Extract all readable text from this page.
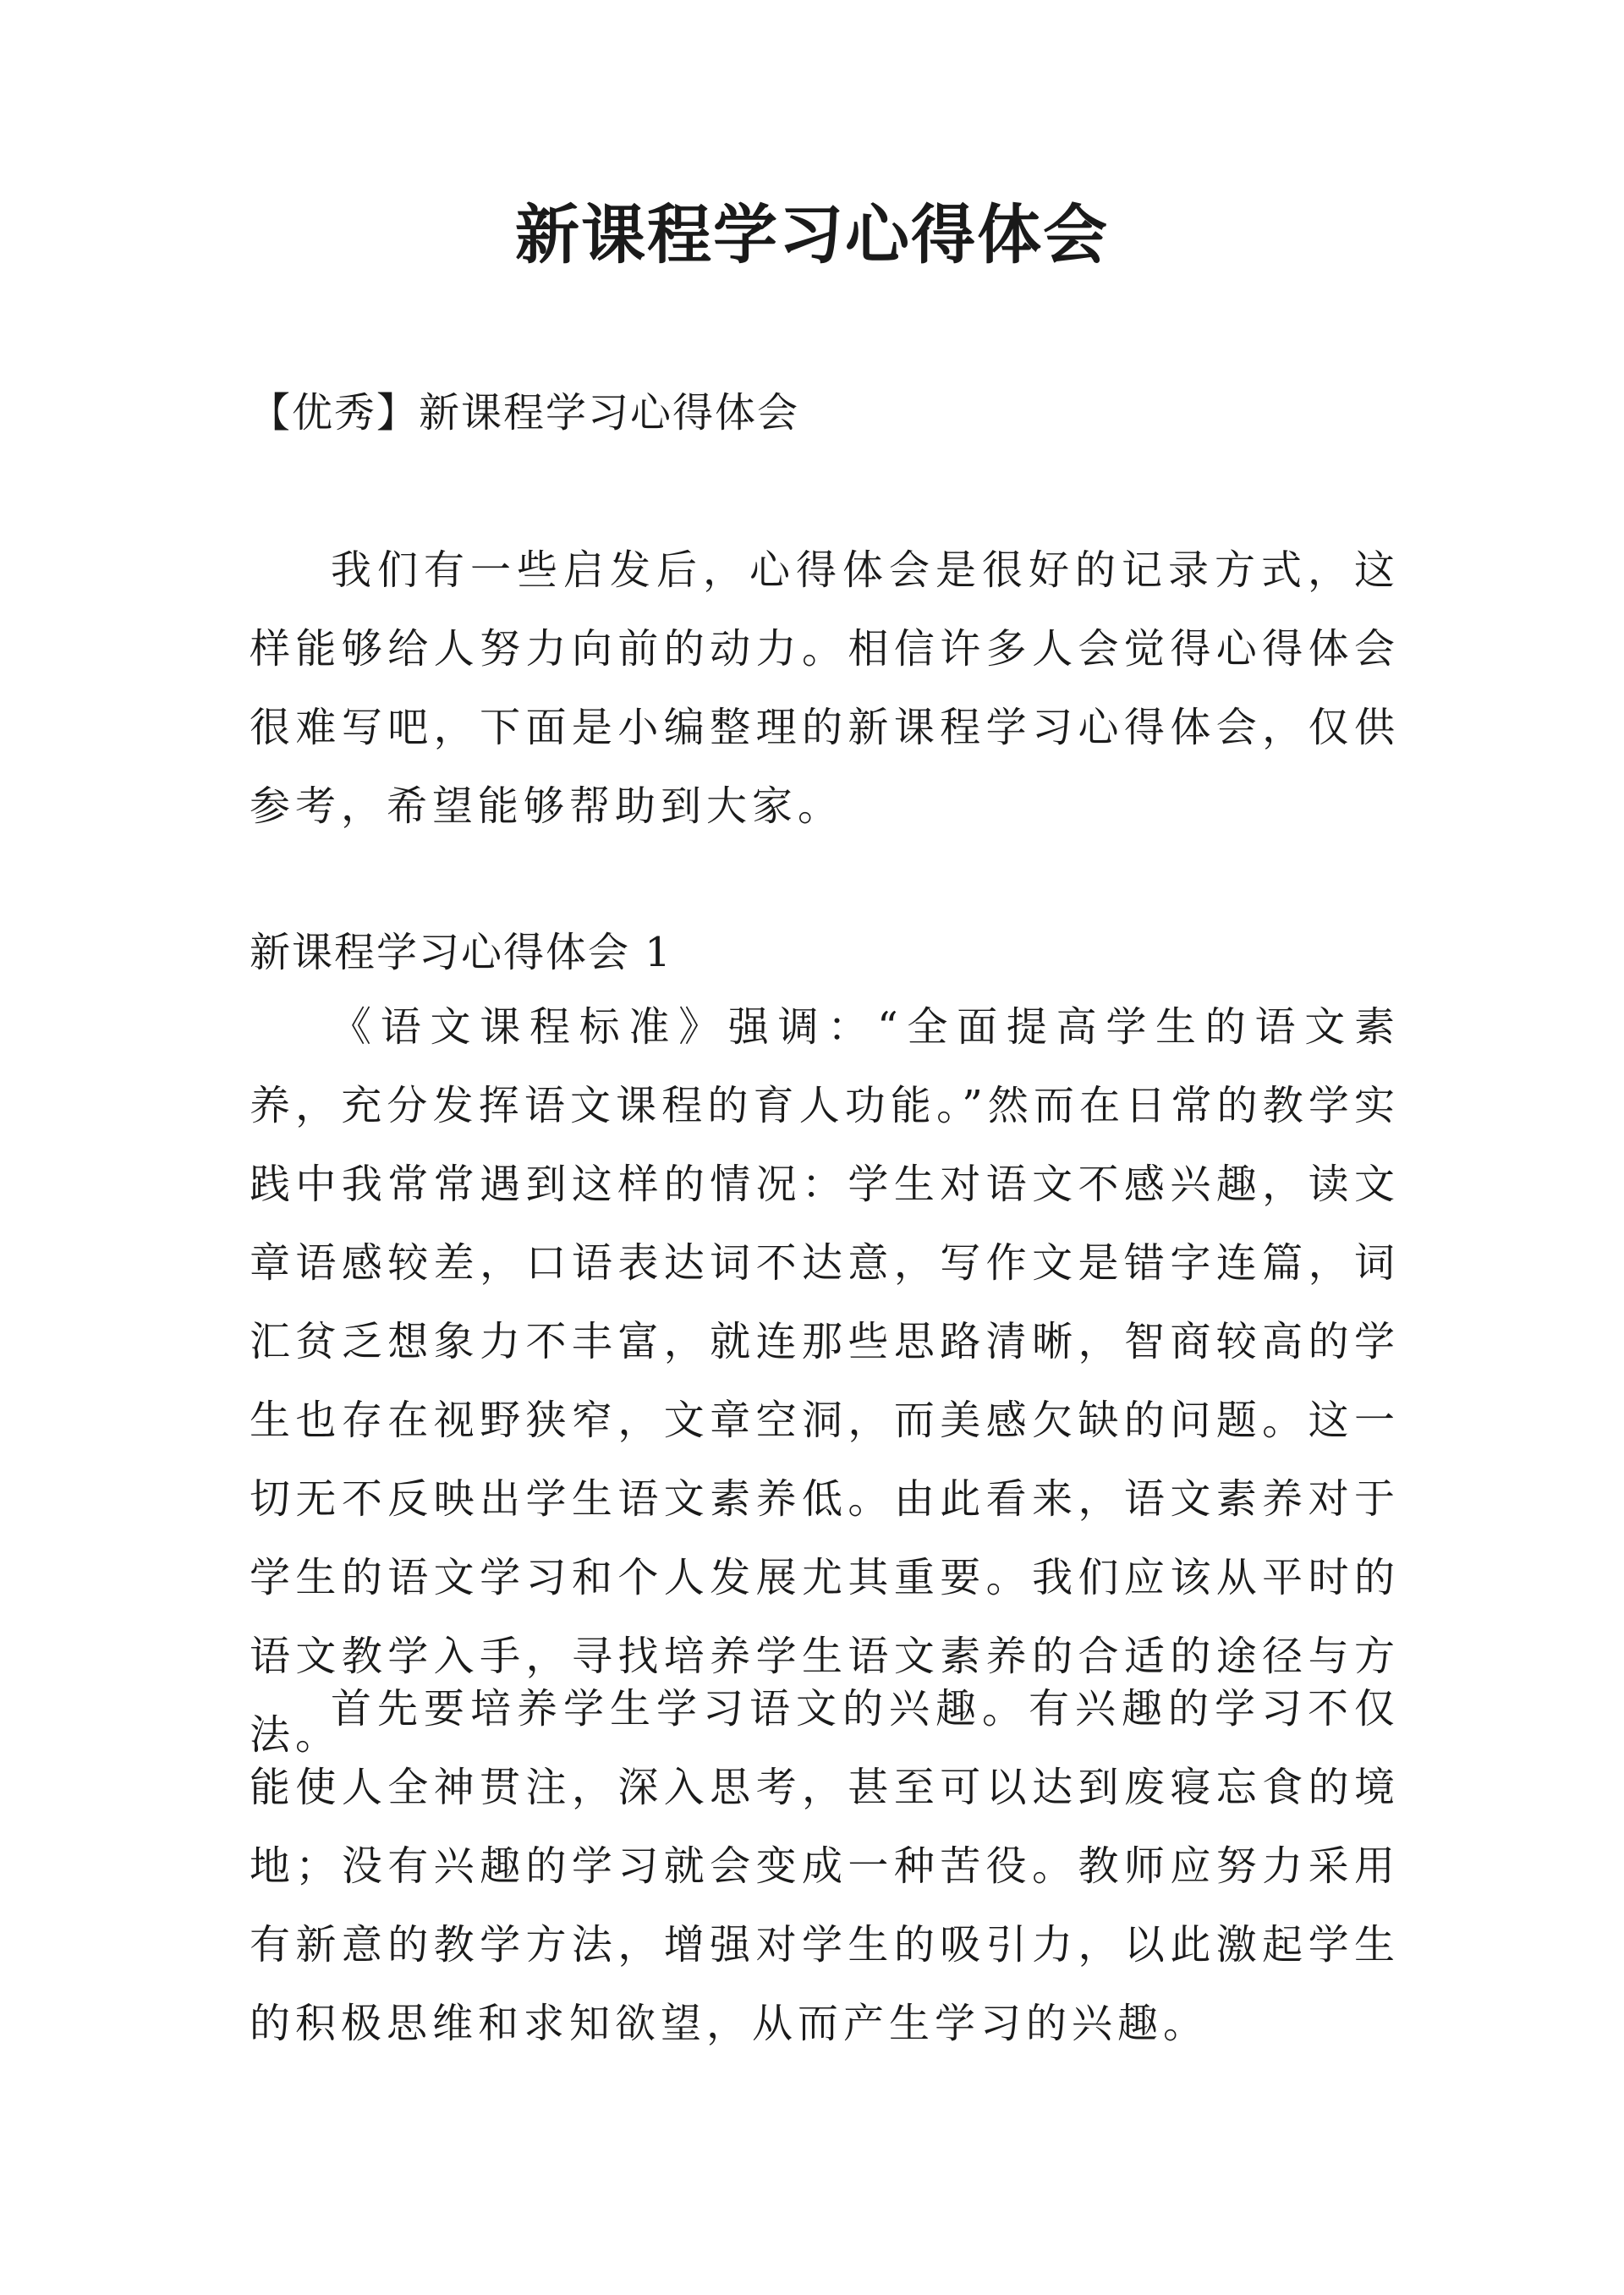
新课程学习心得体会

【优秀】新课程学习心得体会

我们有一些启发后，心得体会是很好的记录方式，这样能够给人努力向前的动力。相信许多人会觉得心得体会很难写吧，下面是小编整理的新课程学习心得体会，仅供参考，希望能够帮助到大家。

新课程学习心得体会 1

《语文课程标准》强调：“全面提高学生的语文素养，充分发挥语文课程的育人功能。”然而在日常的教学实践中我常常遇到这样的情况：学生对语文不感兴趣，读文章语感较差，口语表达词不达意，写作文是错字连篇，词汇贫乏想象力不丰富，就连那些思路清晰，智商较高的学生也存在视野狭窄，文章空洞，而美感欠缺的问题。这一切无不反映出学生语文素养低。由此看来，语文素养对于学生的语文学习和个人发展尤其重要。我们应该从平时的语文教学入手，寻找培养学生语文素养的合适的途径与方法。

首先要培养学生学习语文的兴趣。有兴趣的学习不仅能使人全神贯注，深入思考，甚至可以达到废寝忘食的境地；没有兴趣的学习就会变成一种苦役。教师应努力采用有新意的教学方法，增强对学生的吸引力，以此激起学生的积极思维和求知欲望，从而产生学习的兴趣。
